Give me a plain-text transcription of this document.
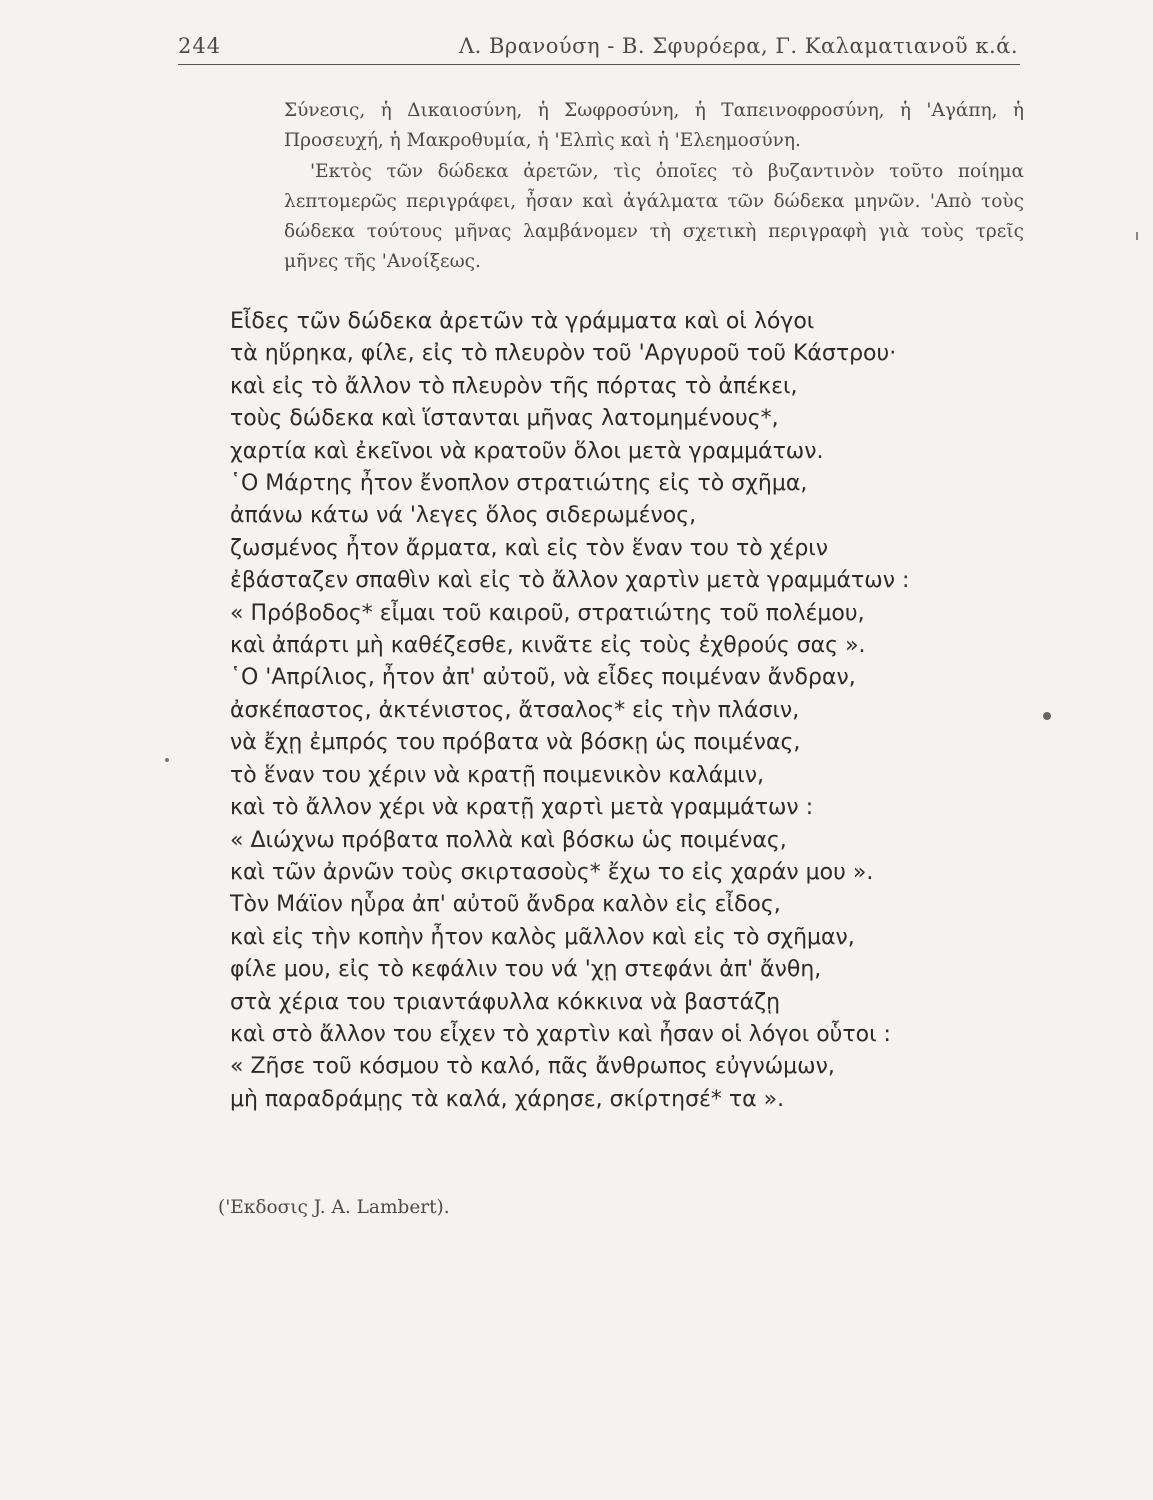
244	Λ. Βρανούση - Β. Σφυρόερα, Γ. Καλαματιανοῦ κ.ά.

Σύνεσις, ἡ Δικαιοσύνη, ἡ Σωφροσύνη, ἡ Ταπεινοφροσύνη, ἡ 'Αγάπη, ἡ Προσευχή, ἡ Μακροθυμία, ἡ 'Ελπὶς καὶ ἡ 'Ελεημοσύνη.

'Εκτὸς τῶν δώδεκα ἀρετῶν, τὶς ὁποῖες τὸ βυζαντινὸν τοῦτο ποίημα λεπτομερῶς περιγράφει, ἦσαν καὶ ἀγάλματα τῶν δώδεκα μηνῶν. 'Απὸ τοὺς δώδεκα τούτους μῆνας λαμβάνομεν τὴ σχετικὴ περιγραφὴ γιὰ τοὺς τρεῖς μῆνες τῆς 'Ανοίξεως.

Εἶδες τῶν δώδεκα ἀρετῶν τὰ γράμματα καὶ οἱ λόγοι
τὰ ηὕρηκα, φίλε, εἰς τὸ πλευρὸν τοῦ 'Αργυροῦ τοῦ Κάστρου·
καὶ εἰς τὸ ἄλλον τὸ πλευρὸν τῆς πόρτας τὸ ἀπέκει,
τοὺς δώδεκα καὶ ἵστανται μῆνας λατομημένους*,
χαρτία καὶ ἐκεῖνοι νὰ κρατοῦν ὅλοι μετὰ γραμμάτων.
῾Ο Μάρτης ἦτον ἔνοπλον στρατιώτης εἰς τὸ σχῆμα,
ἀπάνω κάτω νά 'λεγες ὅλος σιδερωμένος,
ζωσμένος ἦτον ἄρματα, καὶ εἰς τὸν ἕναν του τὸ χέριν
ἐβάσταζεν σπαθὶν καὶ εἰς τὸ ἄλλον χαρτὶν μετὰ γραμμάτων :
« Πρόβοδος* εἶμαι τοῦ καιροῦ, στρατιώτης τοῦ πολέμου,
καὶ ἀπάρτι μὴ καθέζεσθε, κινᾶτε εἰς τοὺς ἐχθρούς σας ».
῾Ο 'Απρίλιος, ἦτον ἀπ' αὐτοῦ, νὰ εἶδες ποιμέναν ἄνδραν,
ἀσκέπαστος, ἀκτένιστος, ἄτσαλος* εἰς τὴν πλάσιν,
νὰ ἔχῃ ἐμπρός του πρόβατα νὰ βόσκῃ ὡς ποιμένας,
τὸ ἕναν του χέριν νὰ κρατῇ ποιμενικὸν καλάμιν,
καὶ τὸ ἄλλον χέρι νὰ κρατῇ χαρτὶ μετὰ γραμμάτων :
« Διώχνω πρόβατα πολλὰ καὶ βόσκω ὡς ποιμένας,
καὶ τῶν ἀρνῶν τοὺς σκιρτασοὺς* ἔχω το εἰς χαράν μου ».
Τὸν Μάϊον ηὗρα ἀπ' αὐτοῦ ἄνδρα καλὸν εἰς εἶδος,
καὶ εἰς τὴν κοπὴν ἦτον καλὸς μᾶλλον καὶ εἰς τὸ σχῆμαν,
φίλε μου, εἰς τὸ κεφάλιν του νά 'χῃ στεφάνι ἀπ' ἄνθη,
στὰ χέρια του τριαντάφυλλα κόκκινα νὰ βαστάζῃ
καὶ στὸ ἄλλον του εἶχεν τὸ χαρτὶν καὶ ἦσαν οἱ λόγοι οὗτοι :
« Ζῆσε τοῦ κόσμου τὸ καλό, πᾶς ἄνθρωπος εὐγνώμων,
μὴ παραδράμῃς τὰ καλά, χάρησε, σκίρτησέ* τα ».
('Εκδοσις J. A. Lambert).
